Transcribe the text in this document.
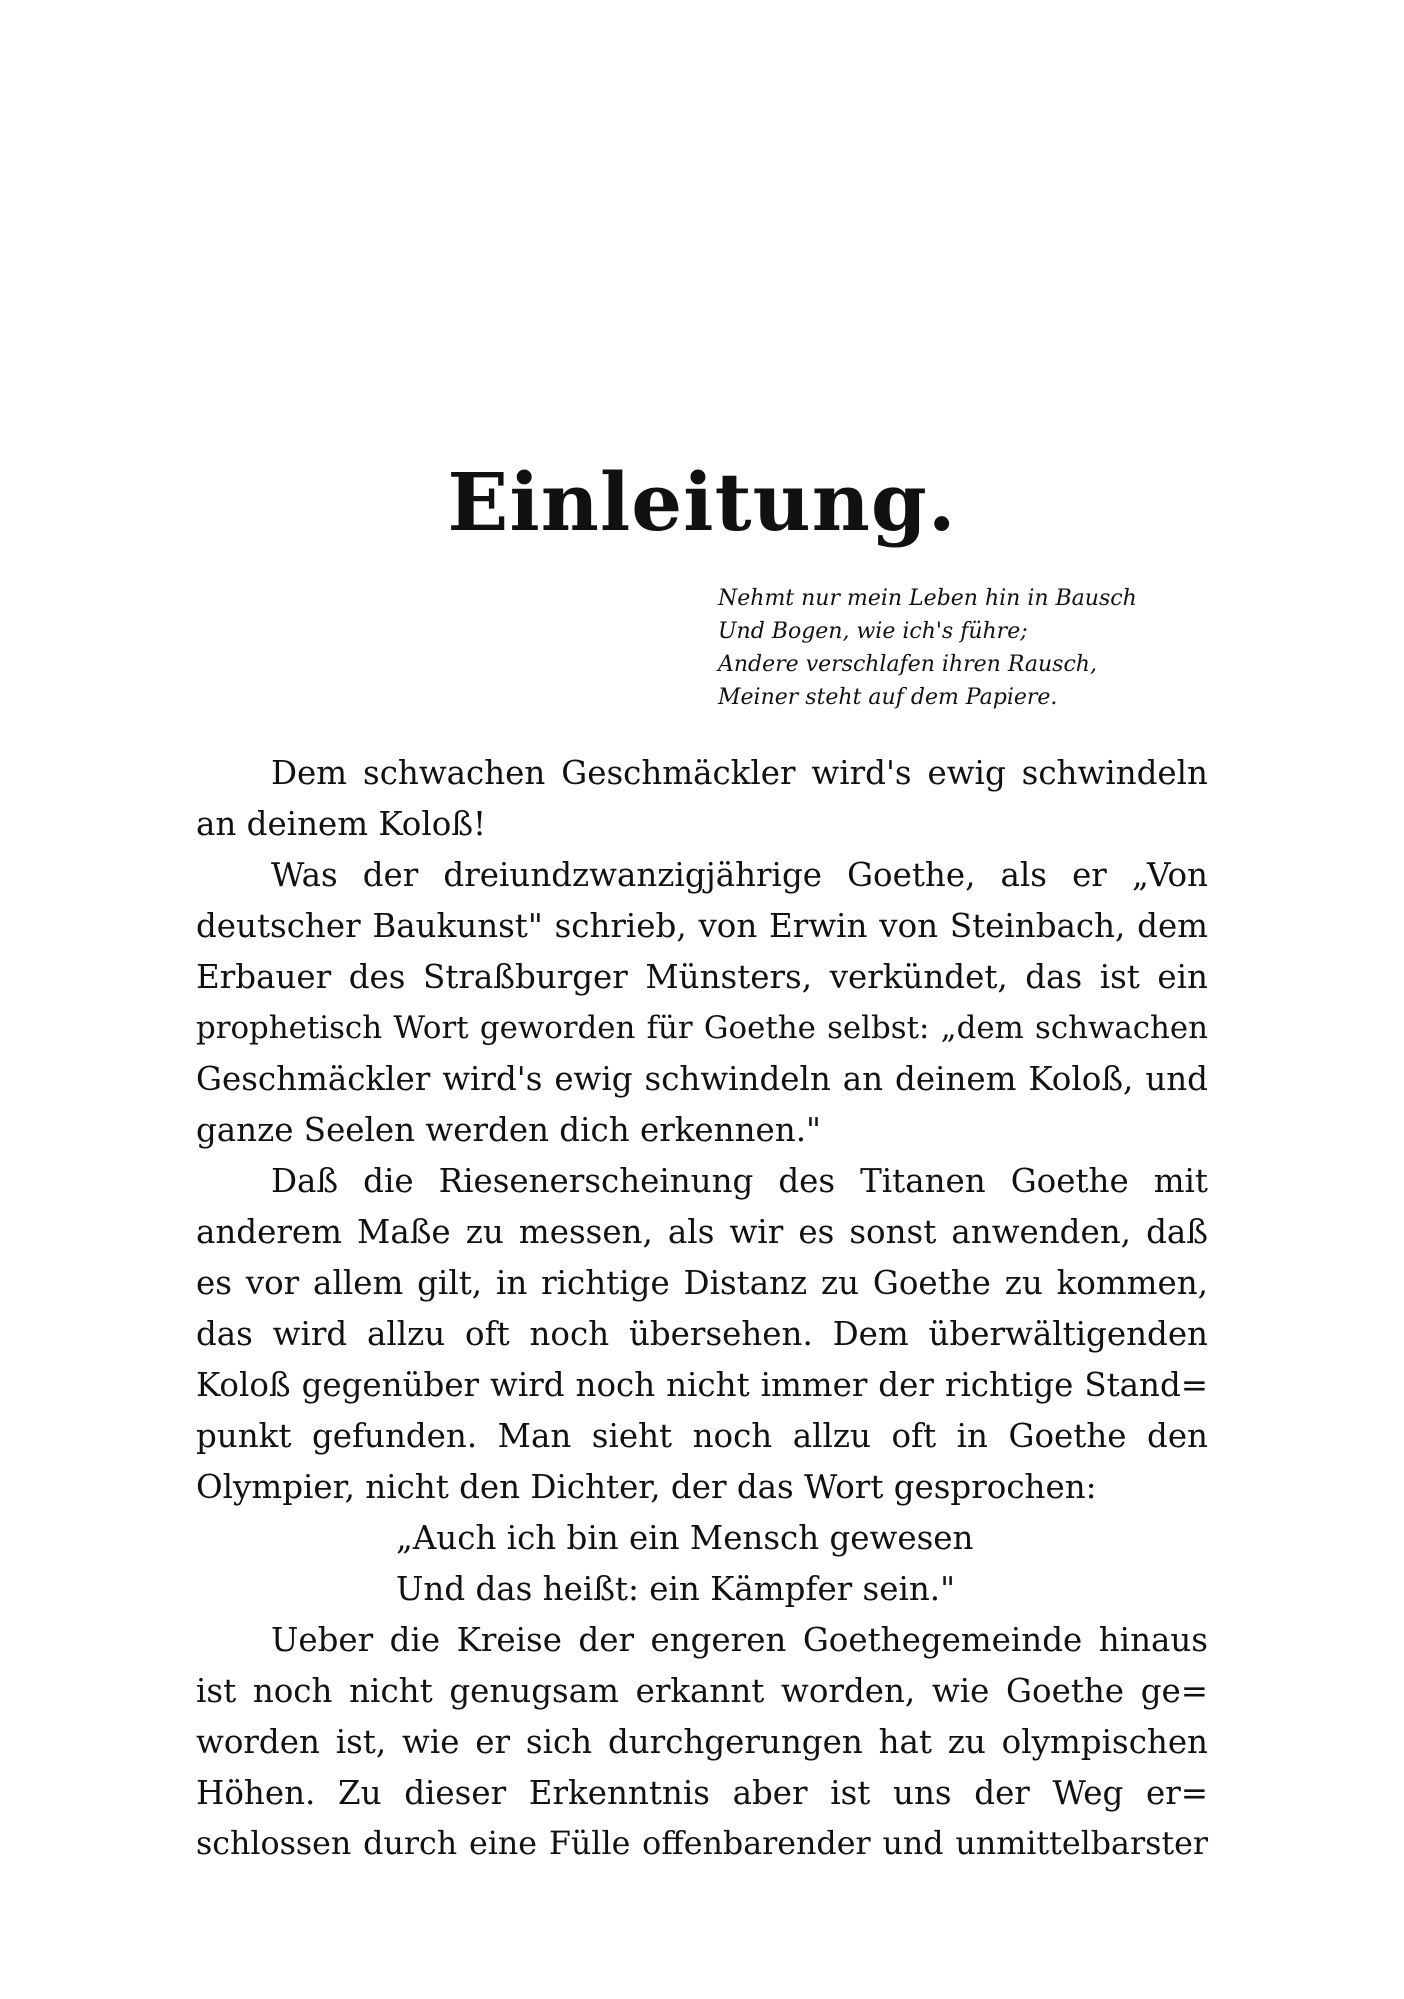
Einleitung.
Nehmt nur mein Leben hin in Bausch
Und Bogen, wie ich's führe;
Andere verschlafen ihren Rausch,
Meiner steht auf dem Papiere.
Dem schwachen Geschmäckler wird's ewig schwindeln
an deinem Koloß!
Was der dreiundzwanzigjährige Goethe, als er „Von
deutscher Baukunst" schrieb, von Erwin von Steinbach, dem
Erbauer des Straßburger Münsters, verkündet, das ist ein
prophetisch Wort geworden für Goethe selbst: „dem schwachen
Geschmäckler wird's ewig schwindeln an deinem Koloß, und
ganze Seelen werden dich erkennen."
Daß die Riesenerscheinung des Titanen Goethe mit
anderem Maße zu messen, als wir es sonst anwenden, daß
es vor allem gilt, in richtige Distanz zu Goethe zu kommen,
das wird allzu oft noch übersehen. Dem überwältigenden
Koloß gegenüber wird noch nicht immer der richtige Stand=
punkt gefunden. Man sieht noch allzu oft in Goethe den
Olympier, nicht den Dichter, der das Wort gesprochen:
„Auch ich bin ein Mensch gewesen
Und das heißt: ein Kämpfer sein."
Ueber die Kreise der engeren Goethegemeinde hinaus
ist noch nicht genugsam erkannt worden, wie Goethe ge=
worden ist, wie er sich durchgerungen hat zu olympischen
Höhen. Zu dieser Erkenntnis aber ist uns der Weg er=
schlossen durch eine Fülle offenbarender und unmittelbarster
